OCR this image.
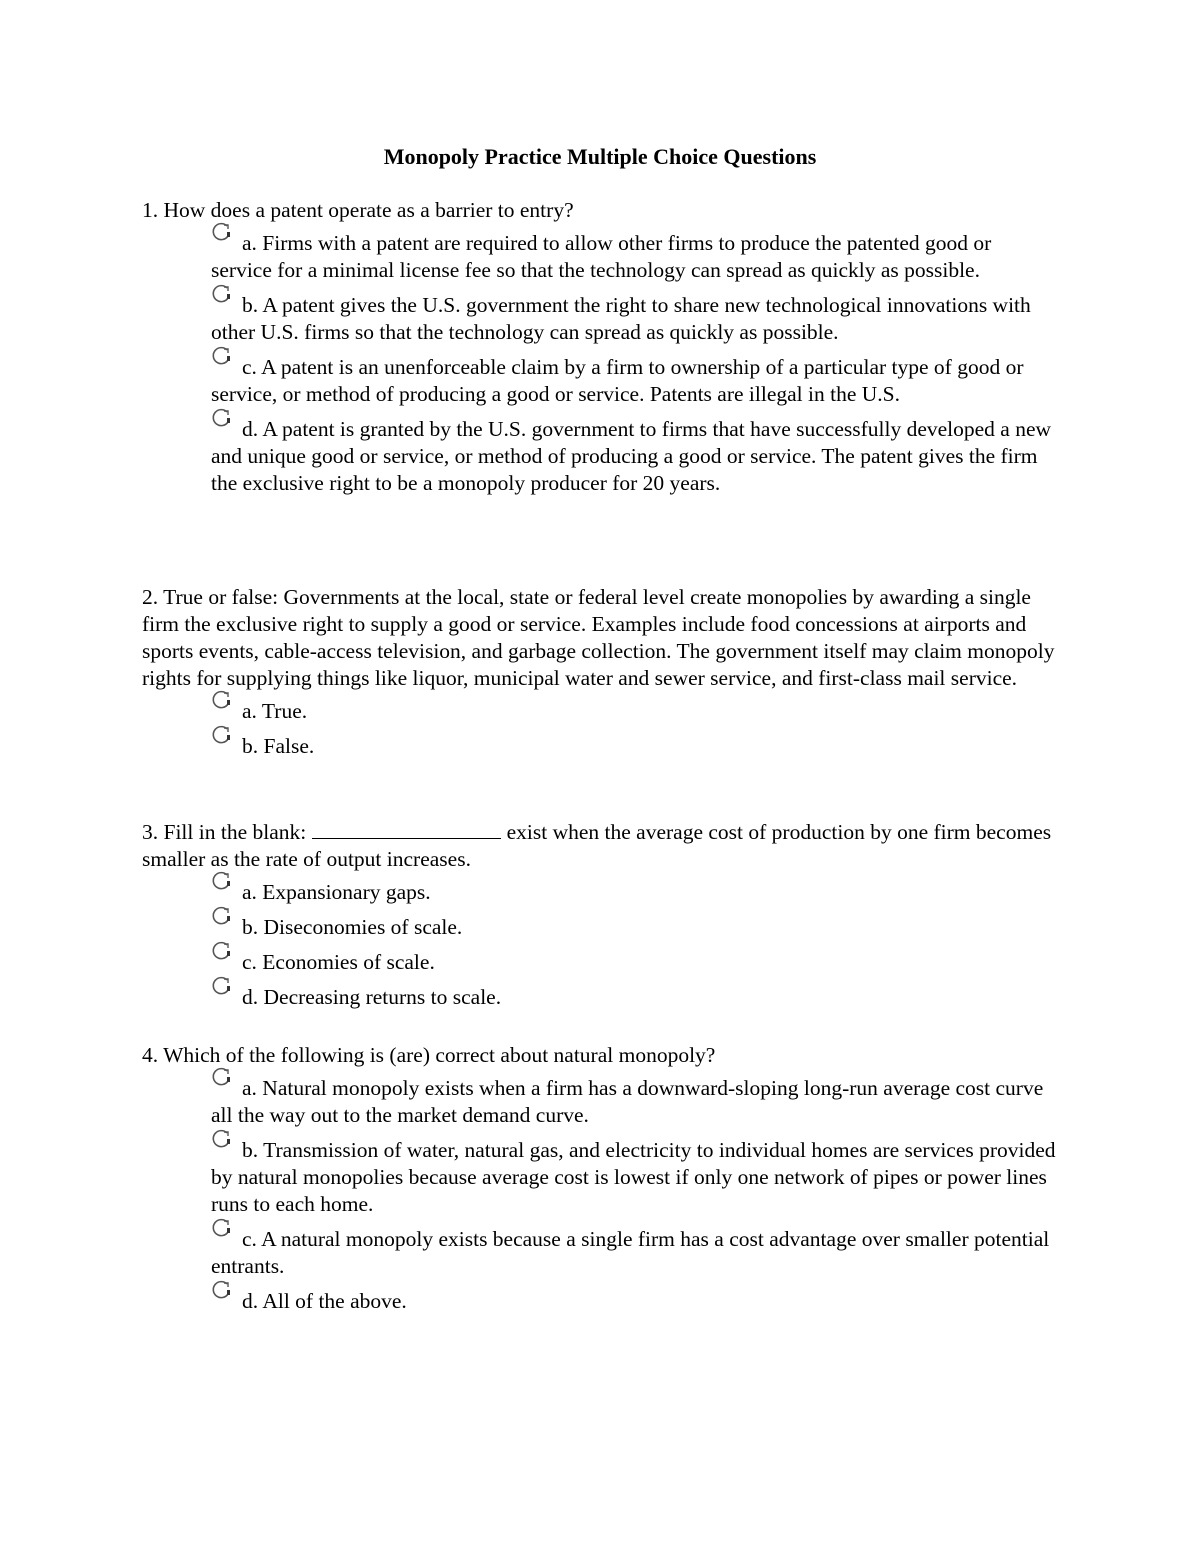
Monopoly Practice Multiple Choice Questions

1. How does a patent operate as a barrier to entry?

a. Firms with a patent are required to allow other firms to produce the patented good or service for a minimal license fee so that the technology can spread as quickly as possible.
b. A patent gives the U.S. government the right to share new technological innovations with other U.S. firms so that the technology can spread as quickly as possible.
c. A patent is an unenforceable claim by a firm to ownership of a particular type of good or service, or method of producing a good or service. Patents are illegal in the U.S.
d. A patent is granted by the U.S. government to firms that have successfully developed a new and unique good or service, or method of producing a good or service. The patent gives the firm the exclusive right to be a monopoly producer for 20 years.

2. True or false: Governments at the local, state or federal level create monopolies by awarding a single firm the exclusive right to supply a good or service. Examples include food concessions at airports and sports events, cable-access television, and garbage collection. The government itself may claim monopoly rights for supplying things like liquor, municipal water and sewer service, and first-class mail service.

a. True.
b. False.

3. Fill in the blank:	exist when the average cost of production by one firm becomes smaller as the rate of output increases.

a. Expansionary gaps.
b. Diseconomies of scale.
c. Economies of scale.
d. Decreasing returns to scale.

4. Which of the following is (are) correct about natural monopoly?

a. Natural monopoly exists when a firm has a downward-sloping long-run average cost curve all the way out to the market demand curve.
b. Transmission of water, natural gas, and electricity to individual homes are services provided by natural monopolies because average cost is lowest if only one network of pipes or power lines runs to each home.
c. A natural monopoly exists because a single firm has a cost advantage over smaller potential entrants.
d. All of the above.
